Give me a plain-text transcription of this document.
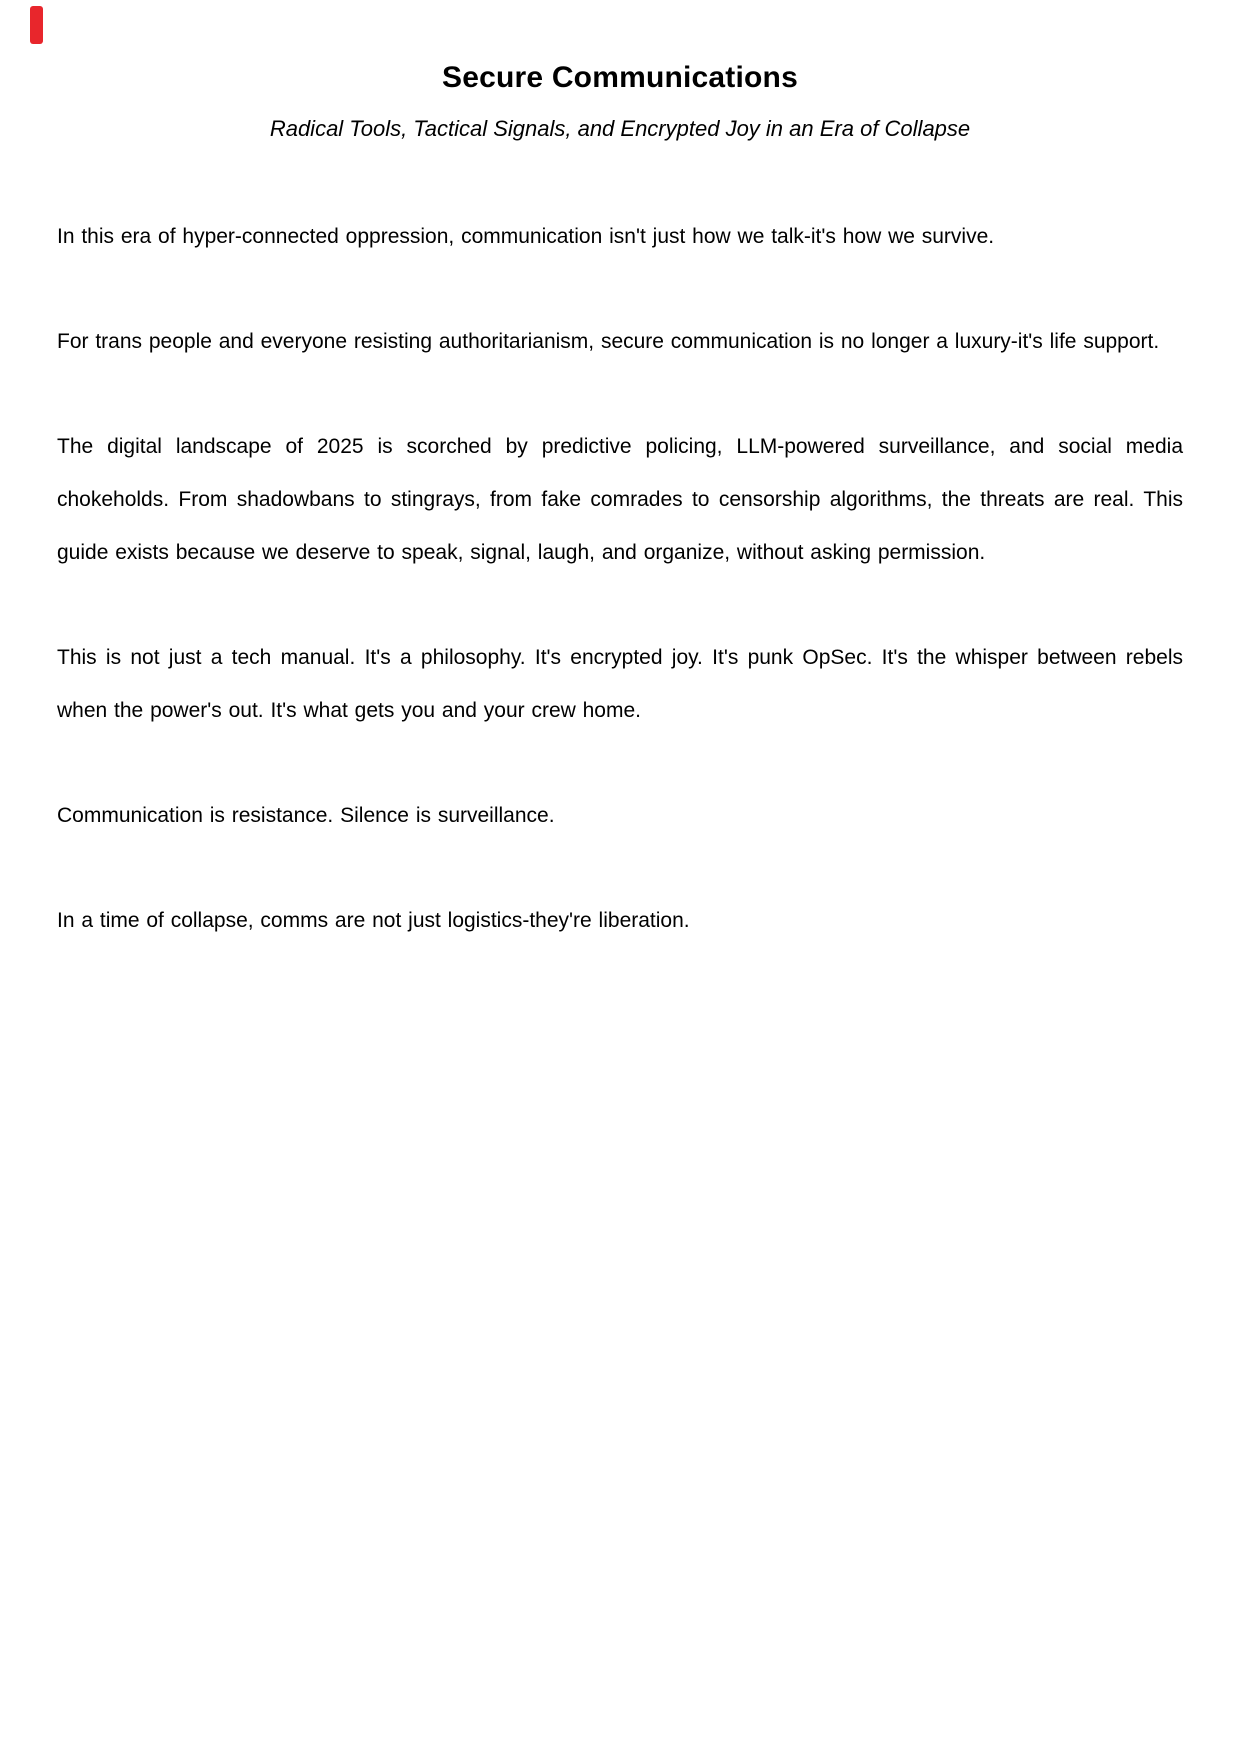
Secure Communications
Radical Tools, Tactical Signals, and Encrypted Joy in an Era of Collapse

In this era of hyper-connected oppression, communication isn't just how we talk-it's how we survive.

For trans people and everyone resisting authoritarianism, secure communication is no longer a luxury-it's life support.

The digital landscape of 2025 is scorched by predictive policing, LLM-powered surveillance, and social media chokeholds. From shadowbans to stingrays, from fake comrades to censorship algorithms, the threats are real. This guide exists because we deserve to speak, signal, laugh, and organize, without asking permission.

This is not just a tech manual. It's a philosophy. It's encrypted joy. It's punk OpSec. It's the whisper between rebels when the power's out. It's what gets you and your crew home.

Communication is resistance. Silence is surveillance.

In a time of collapse, comms are not just logistics-they're liberation.
